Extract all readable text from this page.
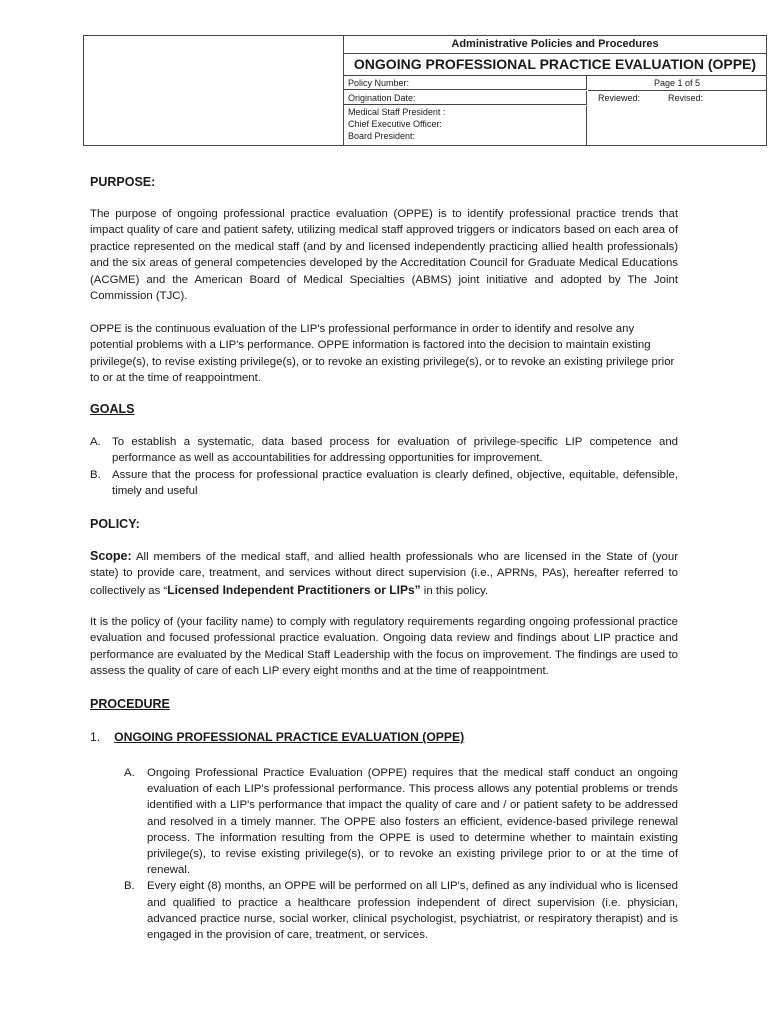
Administrative Policies and Procedures
ONGOING PROFESSIONAL PRACTICE EVALUATION (OPPE)
Policy Number:	Page 1 of 5
Origination Date:	Reviewed:	Revised:
Medical Staff President :
Chief Executive Officer:
Board President:
PURPOSE:
The purpose of ongoing professional practice evaluation (OPPE) is to identify professional practice trends that impact quality of care and patient safety, utilizing medical staff approved triggers or indicators based on each area of practice represented on the medical staff (and by and licensed independently practicing allied health professionals) and the six areas of general competencies developed by the Accreditation Council for Graduate Medical Educations (ACGME) and the American Board of Medical Specialties (ABMS) joint initiative and adopted by The Joint Commission (TJC).
OPPE is the continuous evaluation of the LIP's professional performance in order to identify and resolve any potential problems with a LIP's performance. OPPE information is factored into the decision to maintain existing privilege(s), to revise existing privilege(s), or to revoke an existing privilege(s), or to revoke an existing privilege prior to or at the time of reappointment.
GOALS
A. To establish a systematic, data based process for evaluation of privilege-specific LIP competence and performance as well as accountabilities for addressing opportunities for improvement.
B. Assure that the process for professional practice evaluation is clearly defined, objective, equitable, defensible, timely and useful
POLICY:
Scope: All members of the medical staff, and allied health professionals who are licensed in the State of (your state) to provide care, treatment, and services without direct supervision (i.e., APRNs, PAs), hereafter referred to collectively as “Licensed Independent Practitioners or LIPs” in this policy.
It is the policy of (your facility name) to comply with regulatory requirements regarding ongoing professional practice evaluation and focused professional practice evaluation. Ongoing data review and findings about LIP practice and performance are evaluated by the Medical Staff Leadership with the focus on improvement. The findings are used to assess the quality of care of each LIP every eight months and at the time of reappointment.
PROCEDURE
1. ONGOING PROFESSIONAL PRACTICE EVALUATION (OPPE)
A. Ongoing Professional Practice Evaluation (OPPE) requires that the medical staff conduct an ongoing evaluation of each LIP's professional performance. This process allows any potential problems or trends identified with a LIP's performance that impact the quality of care and / or patient safety to be addressed and resolved in a timely manner. The OPPE also fosters an efficient, evidence-based privilege renewal process. The information resulting from the OPPE is used to determine whether to maintain existing privilege(s), to revise existing privilege(s), or to revoke an existing privilege prior to or at the time of renewal.
B. Every eight (8) months, an OPPE will be performed on all LIP's, defined as any individual who is licensed and qualified to practice a healthcare profession independent of direct supervision (i.e. physician, advanced practice nurse, social worker, clinical psychologist, psychiatrist, or respiratory therapist) and is engaged in the provision of care, treatment, or services.
